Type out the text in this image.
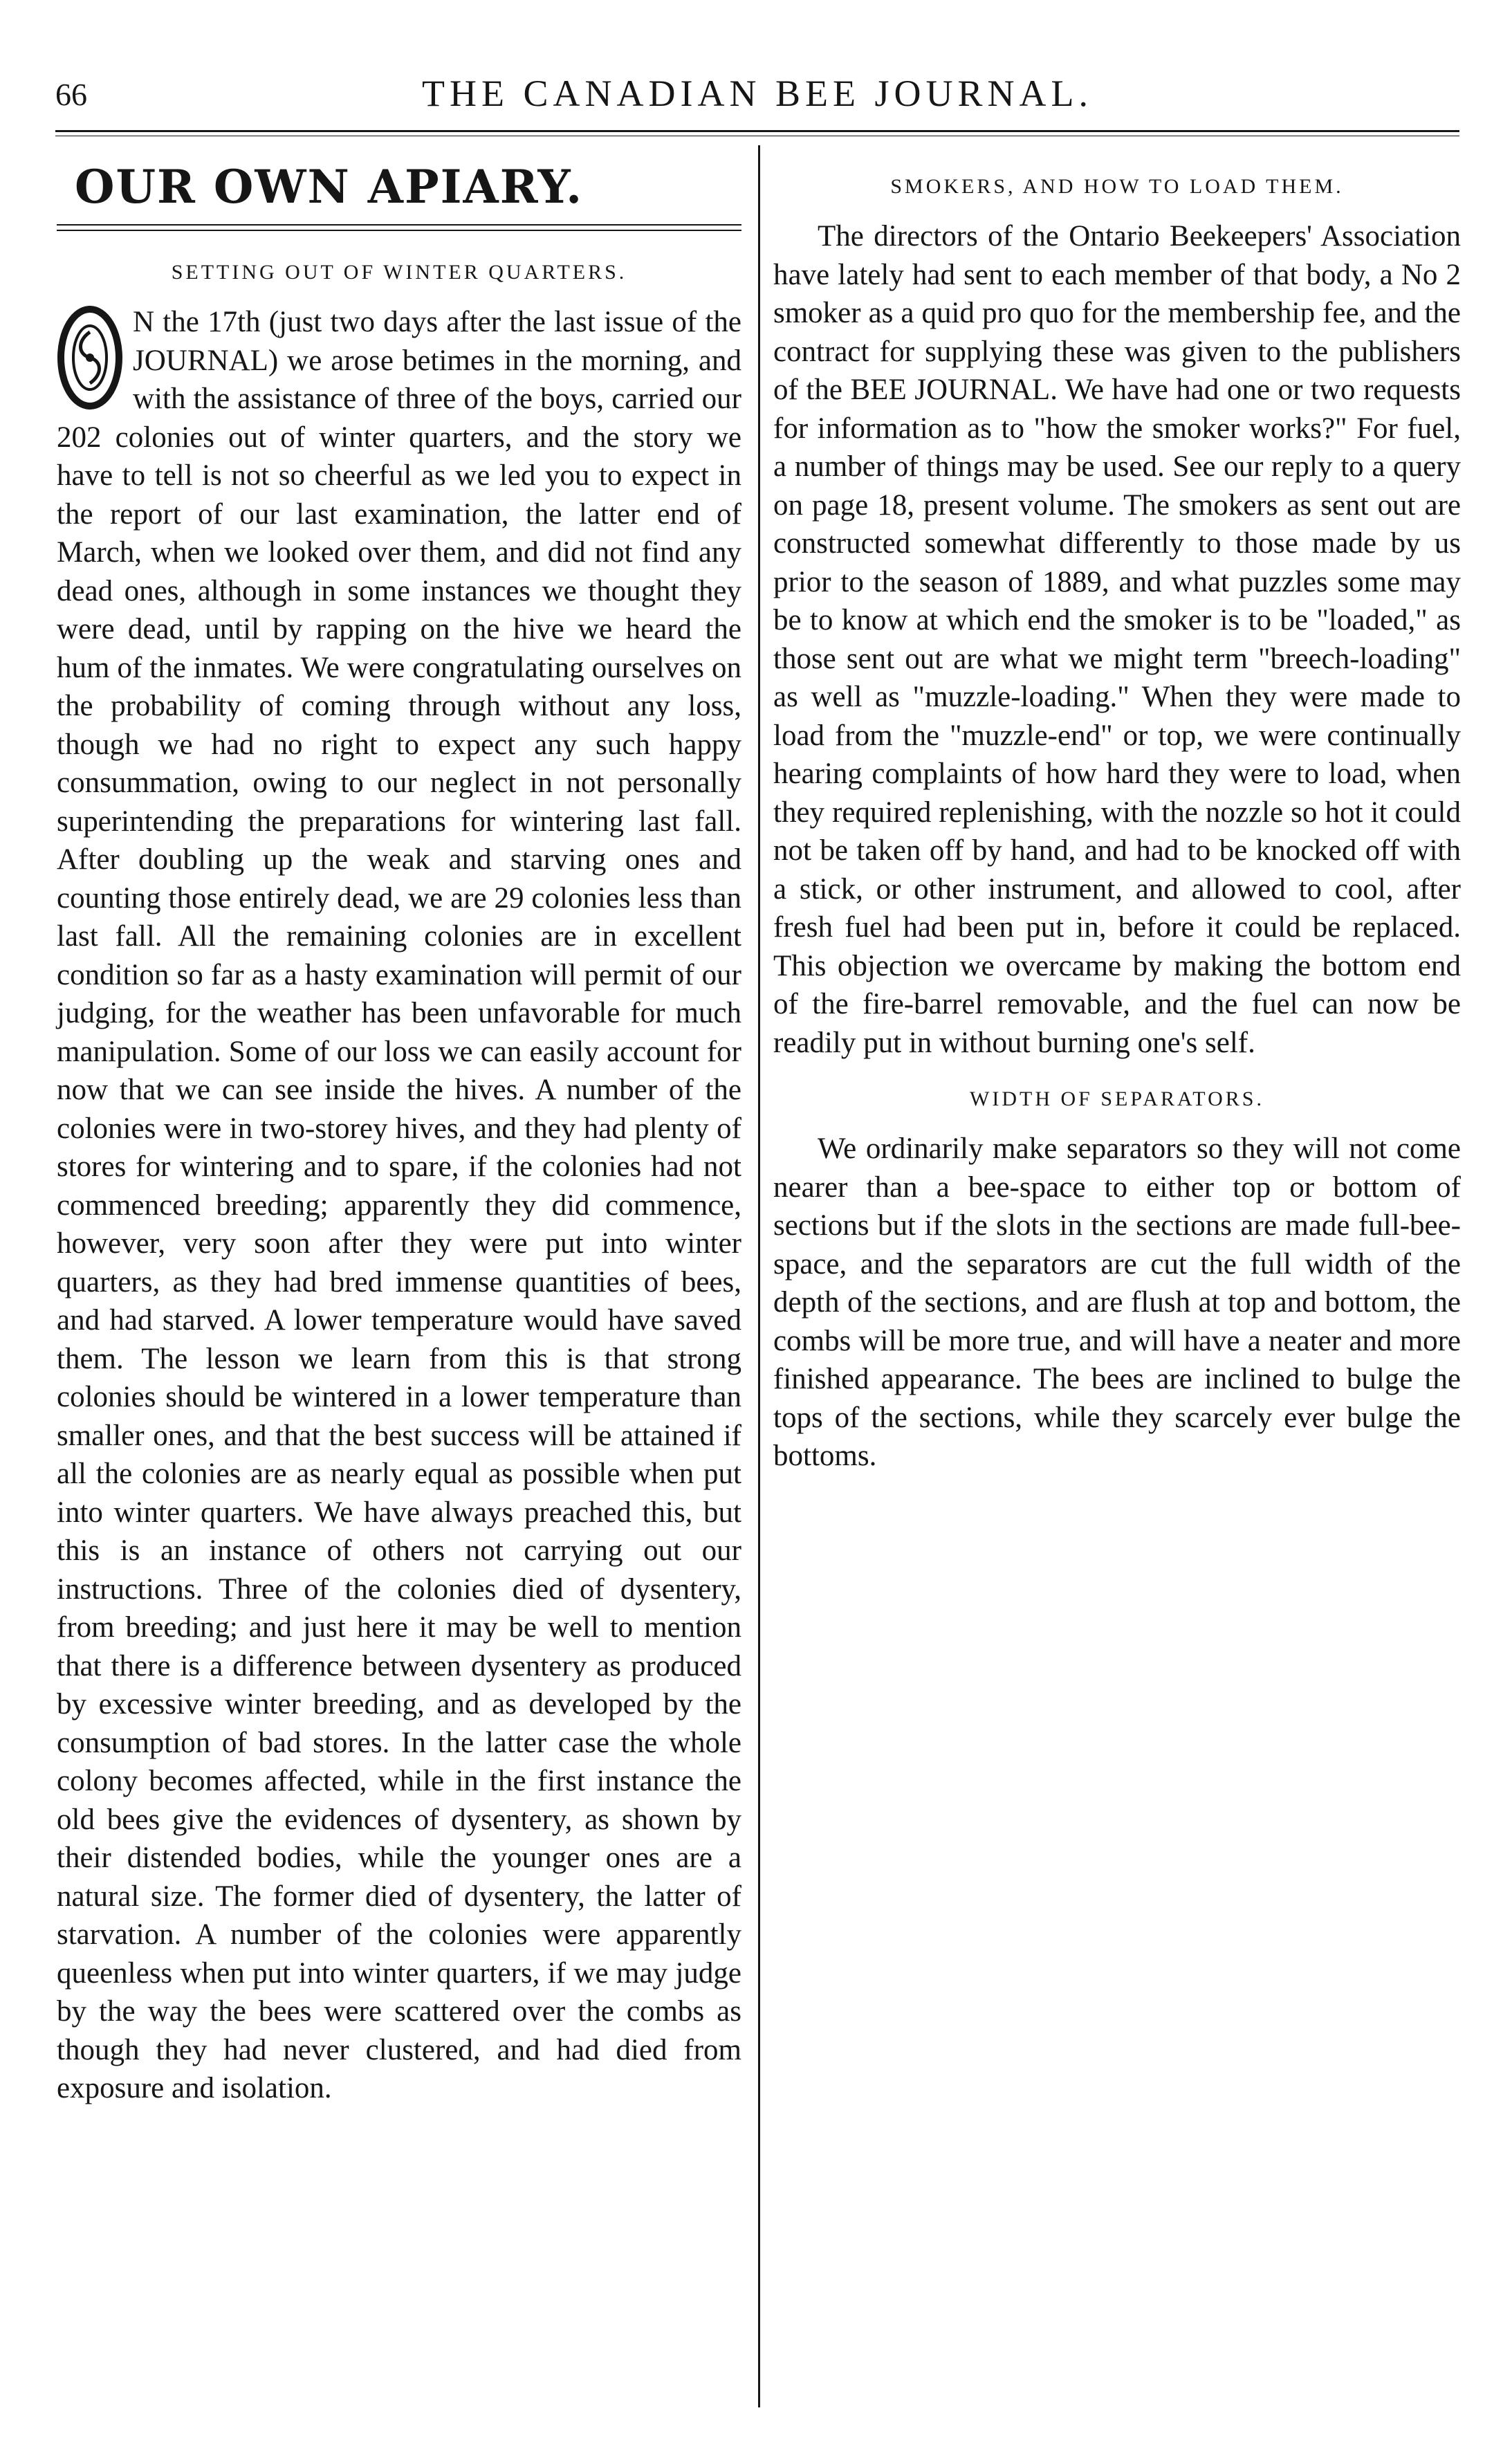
66	THE CANADIAN BEE JOURNAL.
OUR OWN APIARY.
SETTING OUT OF WINTER QUARTERS.

N the 17th (just two days after the last issue of the JOURNAL) we arose betimes in the morning, and with the assistance of three of the boys, carried our 202 colonies out of winter quarters, and the story we have to tell is not so cheerful as we led you to expect in the report of our last examination, the latter end of March, when we looked over them, and did not find any dead ones, although in some instances we thought they were dead, until by rapping on the hive we heard the hum of the inmates. We were congratulating ourselves on the probability of coming through without any loss, though we had no right to expect any such happy consummation, owing to our neglect in not personally superintending the preparations for wintering last fall. After doubling up the weak and starving ones and counting those entirely dead, we are 29 colonies less than last fall. All the remaining colonies are in excellent condition so far as a hasty examination will permit of our judging, for the weather has been unfavorable for much manipulation. Some of our loss we can easily account for now that we can see inside the hives. A number of the colonies were in two-storey hives, and they had plenty of stores for wintering and to spare, if the colonies had not commenced breeding; apparently they did commence, however, very soon after they were put into winter quarters, as they had bred immense quantities of bees, and had starved. A lower temperature would have saved them. The lesson we learn from this is that strong colonies should be wintered in a lower temperature than smaller ones, and that the best success will be attained if all the colonies are as nearly equal as possible when put into winter quarters. We have always preached this, but this is an instance of others not carrying out our instructions. Three of the colonies died of dysentery, from breeding; and just here it may be well to mention that there is a difference between dysentery as produced by excessive winter breeding, and as developed by the consumption of bad stores. In the latter case the whole colony becomes affected, while in the first instance the old bees give the evidences of dysentery, as shown by their distended bodies, while the younger ones are a natural size. The former died of dysentery, the latter of starvation. A number of the colonies were apparently queenless when put into winter quarters, if we may judge by the way the bees were scattered over the combs as though they had never clustered, and had died from exposure and isolation.

SMOKERS, AND HOW TO LOAD THEM.

The directors of the Ontario Beekeepers' Association have lately had sent to each member of that body, a No 2 smoker as a quid pro quo for the membership fee, and the contract for supplying these was given to the publishers of the BEE JOURNAL. We have had one or two requests for information as to "how the smoker works?" For fuel, a number of things may be used. See our reply to a query on page 18, present volume. The smokers as sent out are constructed somewhat differently to those made by us prior to the season of 1889, and what puzzles some may be to know at which end the smoker is to be "loaded," as those sent out are what we might term "breech-loading" as well as "muzzle-loading." When they were made to load from the "muzzle-end" or top, we were continually hearing complaints of how hard they were to load, when they required replenishing, with the nozzle so hot it could not be taken off by hand, and had to be knocked off with a stick, or other instrument, and allowed to cool, after fresh fuel had been put in, before it could be replaced. This objection we overcame by making the bottom end of the fire-barrel removable, and the fuel can now be readily put in without burning one's self.

WIDTH OF SEPARATORS.

We ordinarily make separators so they will not come nearer than a bee-space to either top or bottom of sections but if the slots in the sections are made full-bee-space, and the separators are cut the full width of the depth of the sections, and are flush at top and bottom, the combs will be more true, and will have a neater and more finished appearance. The bees are inclined to bulge the tops of the sections, while they scarcely ever bulge the bottoms.
